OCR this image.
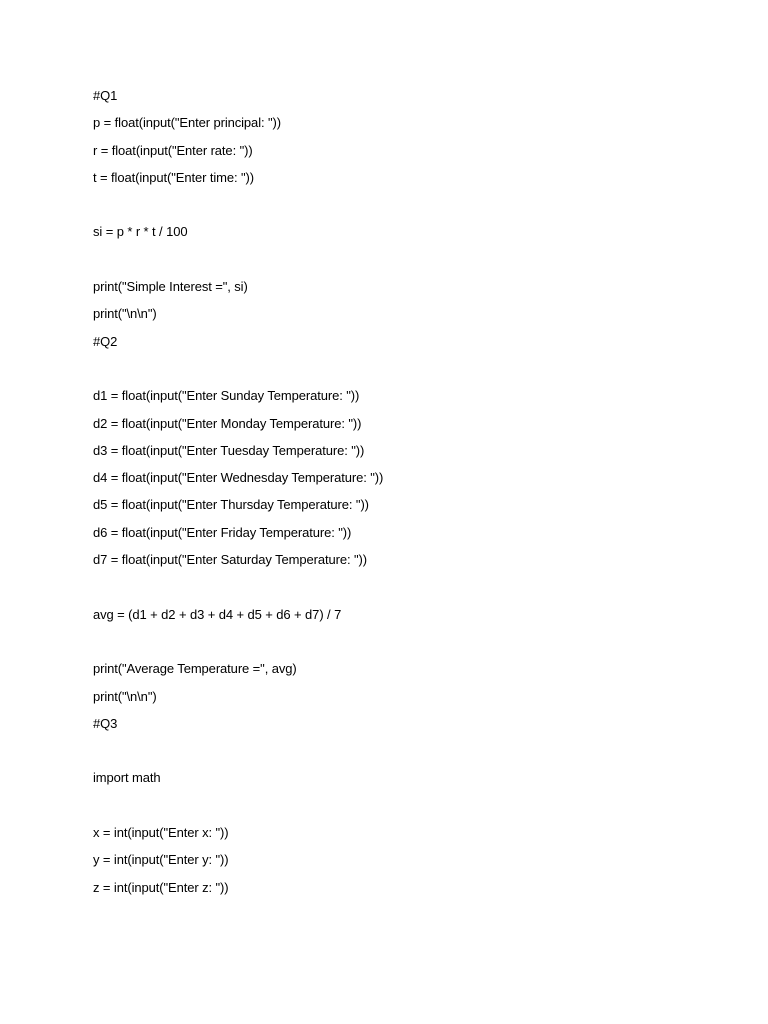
#Q1
p = float(input("Enter principal: "))
r = float(input("Enter rate: "))
t = float(input("Enter time: "))
si = p * r * t / 100
print("Simple Interest =", si)
print("\n\n")
#Q2
d1 = float(input("Enter Sunday Temperature: "))
d2 = float(input("Enter Monday Temperature: "))
d3 = float(input("Enter Tuesday Temperature: "))
d4 = float(input("Enter Wednesday Temperature: "))
d5 = float(input("Enter Thursday Temperature: "))
d6 = float(input("Enter Friday Temperature: "))
d7 = float(input("Enter Saturday Temperature: "))
avg = (d1 + d2 + d3 + d4 + d5 + d6 + d7) / 7
print("Average Temperature =", avg)
print("\n\n")
#Q3
import math
x = int(input("Enter x: "))
y = int(input("Enter y: "))
z = int(input("Enter z: "))
